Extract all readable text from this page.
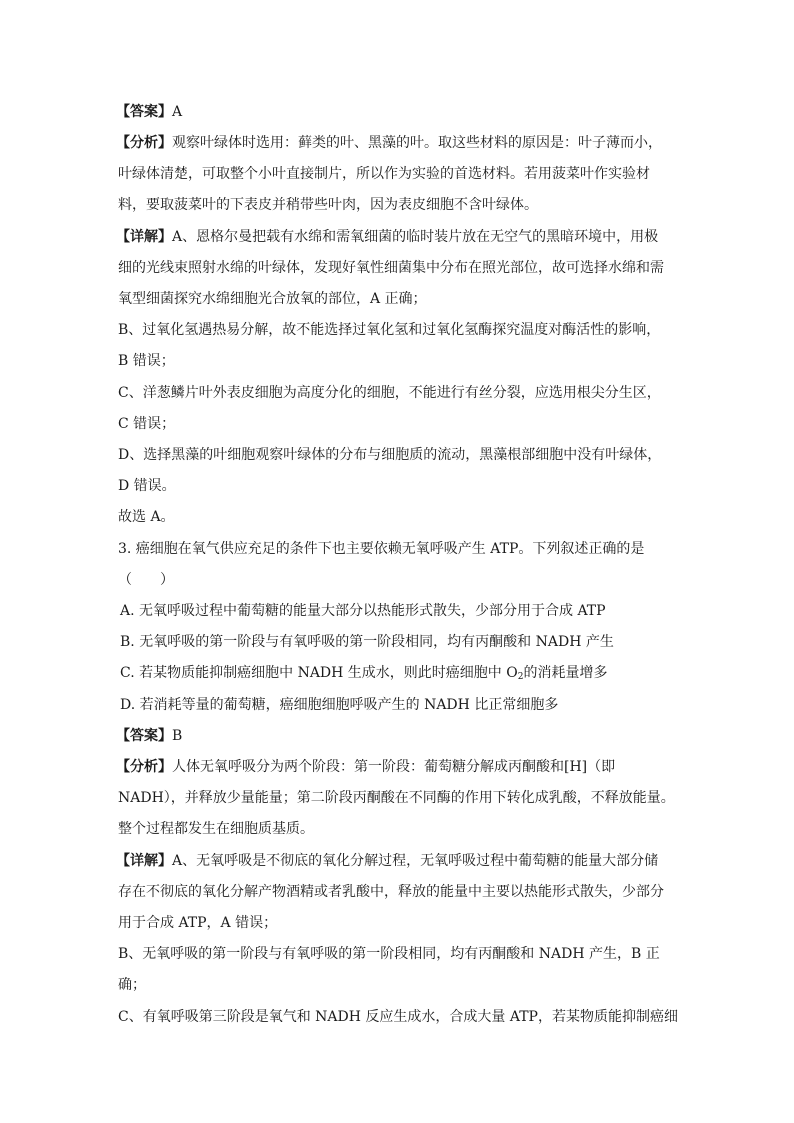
【答案】A
【分析】观察叶绿体时选用：藓类的叶、黑藻的叶。取这些材料的原因是：叶子薄而小，
叶绿体清楚，可取整个小叶直接制片，所以作为实验的首选材料。若用菠菜叶作实验材
料，要取菠菜叶的下表皮并稍带些叶肉，因为表皮细胞不含叶绿体。
【详解】A、恩格尔曼把载有水绵和需氧细菌的临时装片放在无空气的黑暗环境中，用极
细的光线束照射水绵的叶绿体，发现好氧性细菌集中分布在照光部位，故可选择水绵和需
氧型细菌探究水绵细胞光合放氧的部位，A 正确；
B、过氧化氢遇热易分解，故不能选择过氧化氢和过氧化氢酶探究温度对酶活性的影响，
B 错误；
C、洋葱鳞片叶外表皮细胞为高度分化的细胞，不能进行有丝分裂，应选用根尖分生区，
C 错误；
D、选择黑藻的叶细胞观察叶绿体的分布与细胞质的流动，黑藻根部细胞中没有叶绿体，
D 错误。
故选 A。
3. 癌细胞在氧气供应充足的条件下也主要依赖无氧呼吸产生 ATP。下列叙述正确的是
（　　）
A. 无氧呼吸过程中葡萄糖的能量大部分以热能形式散失，少部分用于合成 ATP
B. 无氧呼吸的第一阶段与有氧呼吸的第一阶段相同，均有丙酮酸和 NADH 产生
C. 若某物质能抑制癌细胞中 NADH 生成水，则此时癌细胞中 $O_2$的消耗量增多
D. 若消耗等量的葡萄糖，癌细胞细胞呼吸产生的 NADH 比正常细胞多
【答案】B
【分析】人体无氧呼吸分为两个阶段：第一阶段：葡萄糖分解成丙酮酸和[H]（即
NADH），并释放少量能量；第二阶段丙酮酸在不同酶的作用下转化成乳酸，不释放能量。
整个过程都发生在细胞质基质。
【详解】A、无氧呼吸是不彻底的氧化分解过程，无氧呼吸过程中葡萄糖的能量大部分储
存在不彻底的氧化分解产物酒精或者乳酸中，释放的能量中主要以热能形式散失，少部分
用于合成 ATP，A 错误；
B、无氧呼吸的第一阶段与有氧呼吸的第一阶段相同，均有丙酮酸和 NADH 产生，B 正
确；
C、有氧呼吸第三阶段是氧气和 NADH 反应生成水，合成大量 ATP，若某物质能抑制癌细
